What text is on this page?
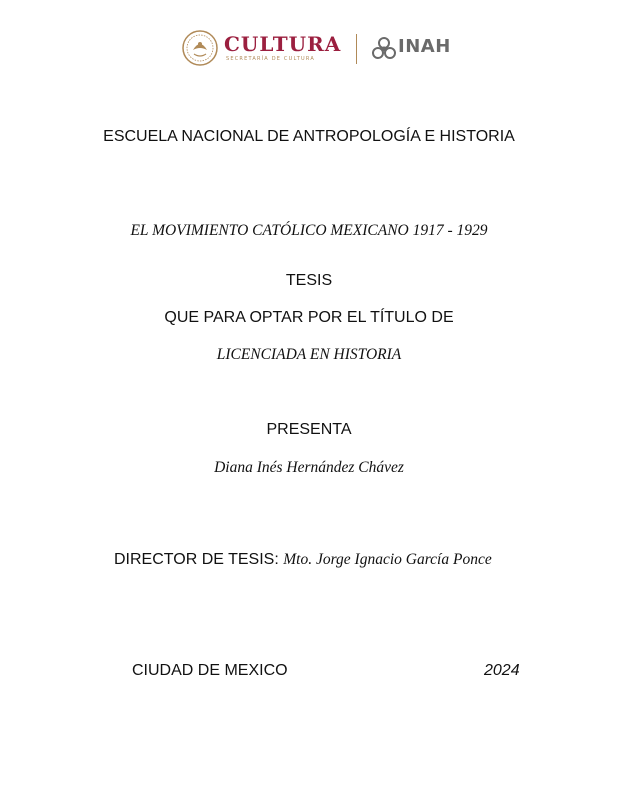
CULTURA
SECRETARÍA DE CULTURA
INAH
ESCUELA NACIONAL DE ANTROPOLOGÍA E HISTORIA
EL MOVIMIENTO CATÓLICO MEXICANO 1917 - 1929
TESIS
QUE PARA OPTAR POR EL TÍTULO DE
LICENCIADA EN HISTORIA
PRESENTA
Diana Inés Hernández Chávez
DIRECTOR DE TESIS: Mto. Jorge Ignacio García Ponce
CIUDAD DE MEXICO	2024
